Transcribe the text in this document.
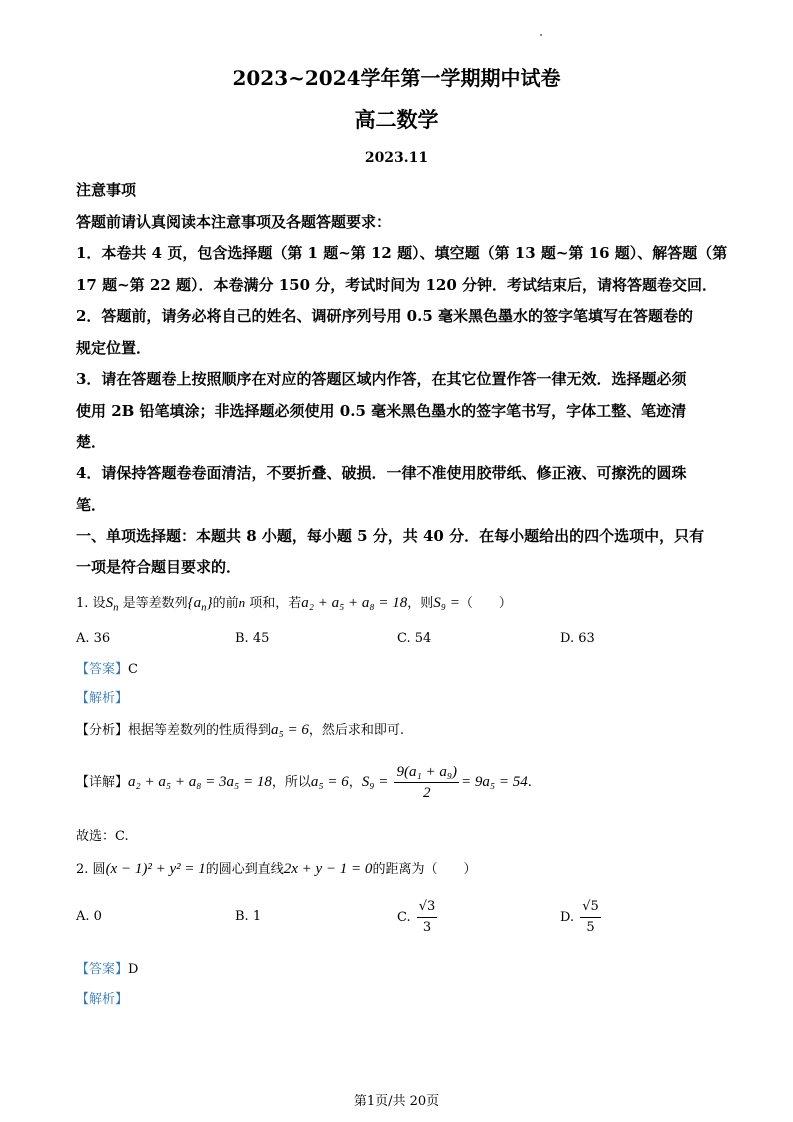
2023~2024学年第一学期期中试卷
高二数学
2023.11
注意事项
答题前请认真阅读本注意事项及各题答题要求：
1．本卷共 4 页，包含选择题（第 1 题~第 12 题）、填空题（第 13 题~第 16 题）、解答题（第
17 题~第 22 题）．本卷满分 150 分，考试时间为 120 分钟．考试结束后，请将答题卷交回．
2．答题前，请务必将自己的姓名、调研序列号用 0.5 毫米黑色墨水的签字笔填写在答题卷的
规定位置．
3．请在答题卷上按照顺序在对应的答题区域内作答，在其它位置作答一律无效．选择题必须
使用 2B 铅笔填涂；非选择题必须使用 0.5 毫米黑色墨水的签字笔书写，字体工整、笔迹清
楚．
4．请保持答题卷卷面清洁，不要折叠、破损．一律不准使用胶带纸、修正液、可擦洗的圆珠
笔．
一、单项选择题：本题共 8 小题，每小题 5 分，共 40 分．在每小题给出的四个选项中，只有
一项是符合题目要求的．
1. 设$S_n$ 是等差数列$\{a_n\}$的前n 项和，若a₂ + a₅ + a₈ = 18，则S₉ =（　　）
A. 36	B. 45	C. 54	D. 63
【答案】C
【解析】
【分析】根据等差数列的性质得到a₅ = 6，然后求和即可.
【详解】a₂ + a₅ + a₈ = 3a₅ = 18，所以a₅ = 6，$S_9 = \frac{\text{9(a₁ + a₉)}}{2} = 9a_5 = 54$.
故选：C.
2. 圆(x − 1)² + y² = 1的圆心到直线2x + y − 1 = 0的距离为（　　）
A. 0	B. 1	C. $\frac{√3}{3}$	D. $\frac{√5}{5}$
【答案】D
【解析】
第1页/共 20页
